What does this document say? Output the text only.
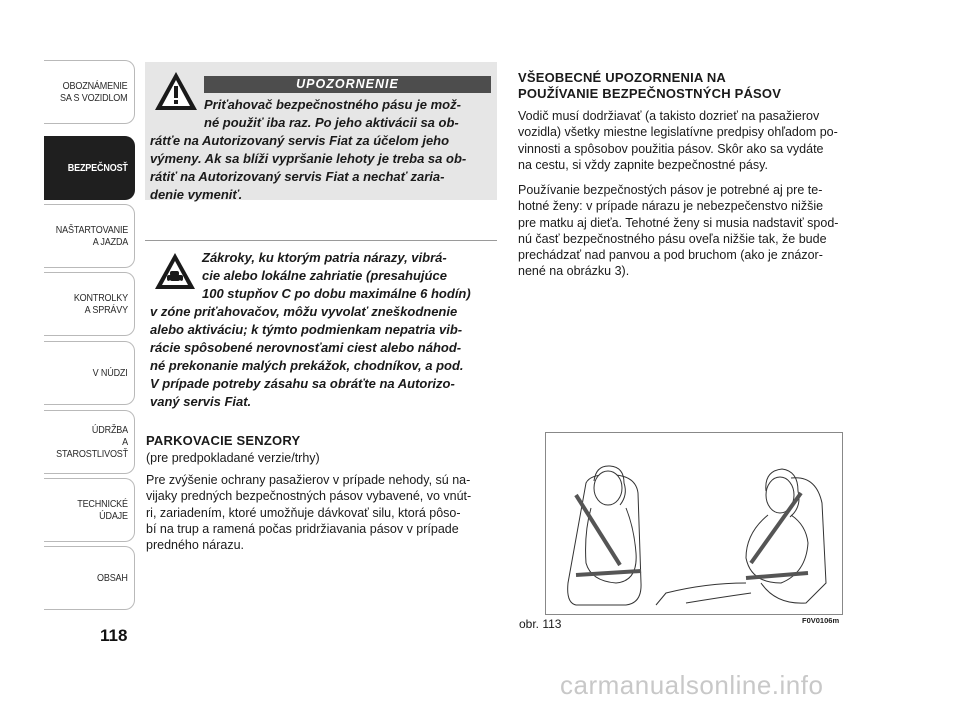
OBOZNÁMENIE
SA S VOZIDLOM
BEZPEČNOSŤ
NAŠTARTOVANIE
A JAZDA
KONTROLKY
A SPRÁVY
V NÚDZI
ÚDRŽBA
A STAROSTLIVOSŤ
TECHNICKÉ
ÚDAJE
OBSAH
118
UPOZORNENIE
Priťahovač bezpečnostného pásu je mož-
né použiť iba raz. Po jeho aktivácii sa ob-
rátťe na Autorizovaný servis Fiat za účelom jeho
výmeny. Ak sa blíži vypršanie lehoty je treba sa ob-
rátiť na Autorizovaný servis Fiat a nechať zaria-
denie vymeniť.
Zákroky, ku ktorým patria nárazy, vibrá-
cie alebo lokálne zahriatie (presahujúce
100 stupňov C po dobu maximálne 6 hodín)
v zóne priťahovačov, môžu vyvolať zneškodnenie
alebo aktiváciu; k týmto podmienkam nepatria vib-
rácie spôsobené nerovnosťami ciest alebo náhod-
né prekonanie malých prekážok, chodníkov, a pod.
V prípade potreby zásahu sa obráťte na Autorizo-
vaný servis Fiat.
PARKOVACIE SENZORY
(pre predpokladané verzie/trhy)
Pre zvýšenie ochrany pasažierov v prípade nehody, sú na-
vijaky predných bezpečnostných pásov vybavené, vo vnút-
ri, zariadením, ktoré umožňuje dávkovať silu, ktorá pôso-
bí na trup a ramená počas pridržiavania pásov v prípade
predného nárazu.
VŠEOBECNÉ UPOZORNENIA NA
POUŽÍVANIE BEZPEČNOSTNÝCH PÁSOV
Vodič musí dodržiavať (a takisto dozrieť na pasažierov
vozidla) všetky miestne legislatívne predpisy ohľadom po-
vinnosti a spôsobov použitia pásov. Skôr ako sa vydáte
na cestu, si vždy zapnite bezpečnostné pásy.
Používanie bezpečnostých pásov je potrebné aj pre te-
hotné ženy: v prípade nárazu je nebezpečenstvo nižšie
pre matku aj dieťa. Tehotné ženy si musia nadstaviť spod-
nú časť bezpečnostného pásu oveľa nižšie tak, že bude
prechádzať nad panvou a pod bruchom (ako je znázor-
nené na obrázku 3).
obr. 113	F0V0106m
carmanualsonline.info
